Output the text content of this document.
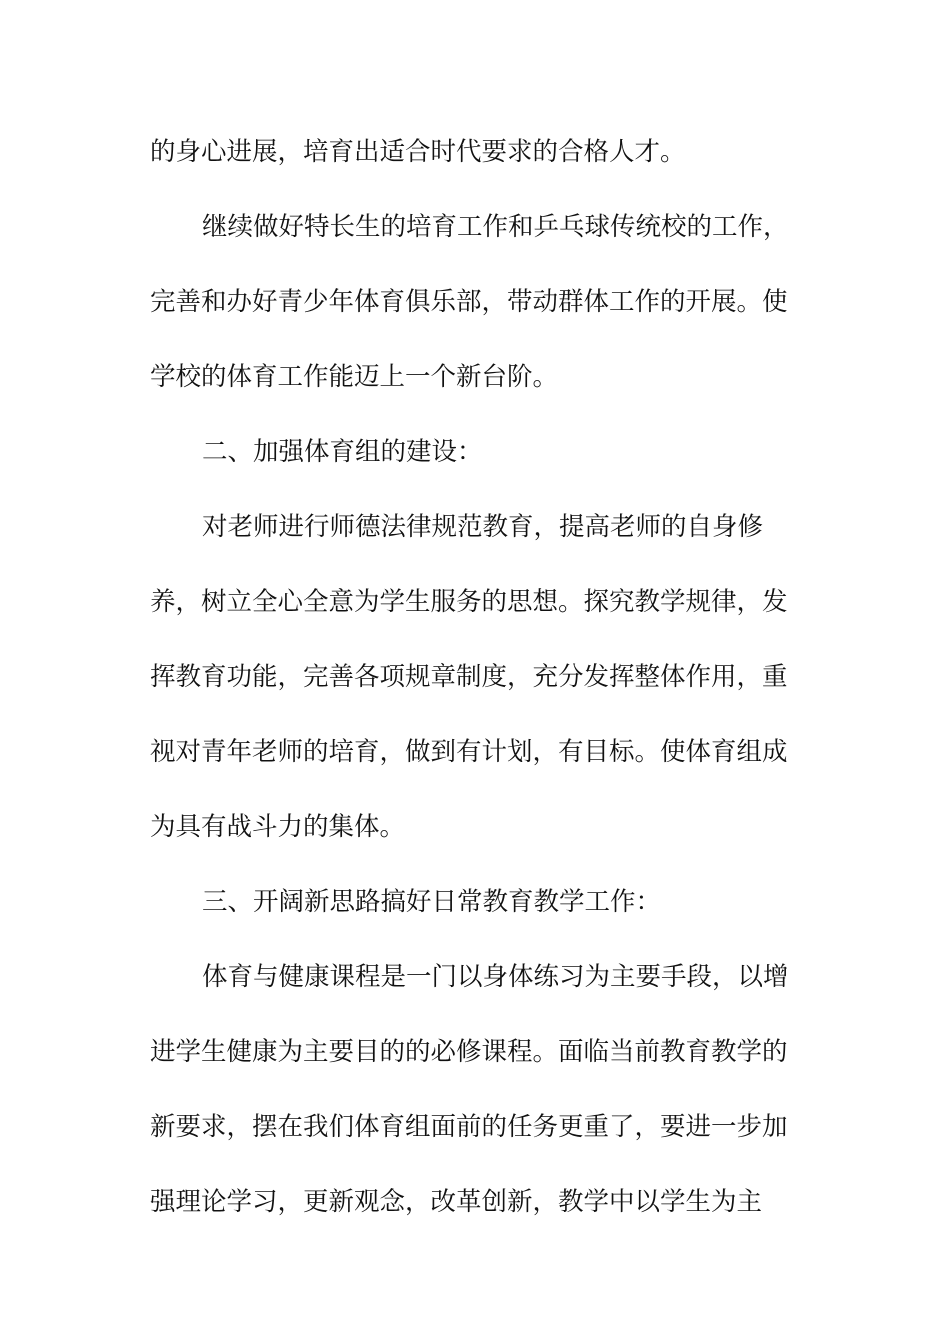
的身心进展，培育出适合时代要求的合格人才。
继续做好特长生的培育工作和乒乓球传统校的工作，
完善和办好青少年体育俱乐部，带动群体工作的开展。使
学校的体育工作能迈上一个新台阶。
二、加强体育组的建设：
对老师进行师德法律规范教育，提高老师的自身修
养，树立全心全意为学生服务的思想。探究教学规律，发
挥教育功能，完善各项规章制度，充分发挥整体作用，重
视对青年老师的培育，做到有计划，有目标。使体育组成
为具有战斗力的集体。
三、开阔新思路搞好日常教育教学工作：
体育与健康课程是一门以身体练习为主要手段，以增
进学生健康为主要目的的必修课程。面临当前教育教学的
新要求，摆在我们体育组面前的任务更重了，要进一步加
强理论学习，更新观念，改革创新，教学中以学生为主
